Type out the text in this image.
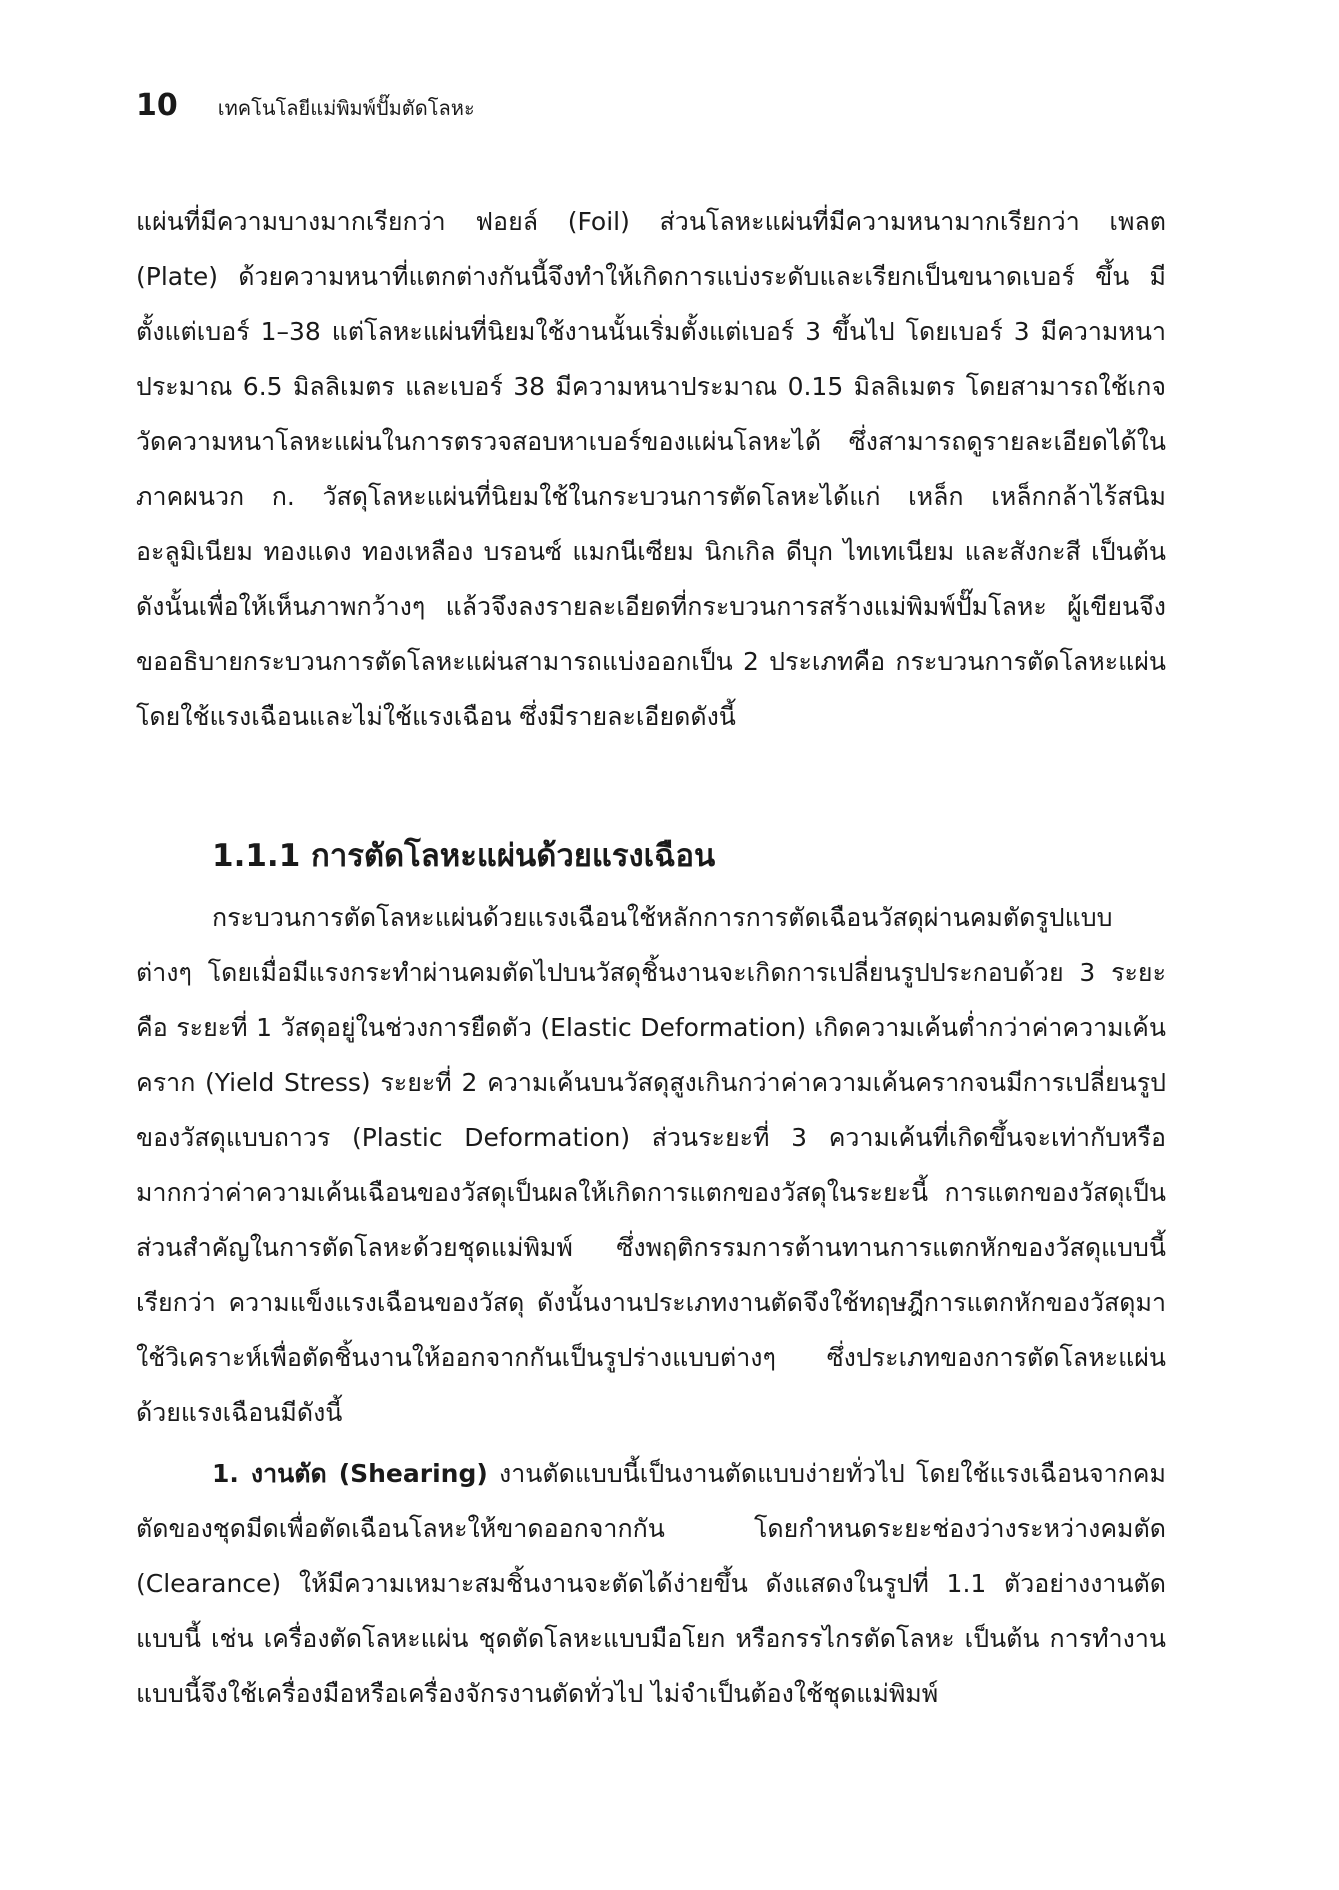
10 เทคโนโลยีแม่พิมพ์ปั๊มตัดโลหะ

แผ่นที่มีความบางมากเรียกว่า ฟอยล์ (Foil) ส่วนโลหะแผ่นที่มีความหนามากเรียกว่า เพลต (Plate) ด้วยความหนาที่แตกต่างกันนี้จึงทำให้เกิดการแบ่งระดับและเรียกเป็นขนาดเบอร์ ขึ้น มีตั้งแต่เบอร์ 1–38 แต่โลหะแผ่นที่นิยมใช้งานนั้นเริ่มตั้งแต่เบอร์ 3 ขึ้นไป โดยเบอร์ 3 มีความหนาประมาณ 6.5 มิลลิเมตร และเบอร์ 38 มีความหนาประมาณ 0.15 มิลลิเมตร โดยสามารถใช้เกจวัดความหนาโลหะแผ่นในการตรวจสอบหาเบอร์ของแผ่นโลหะได้ ซึ่งสามารถดูรายละเอียดได้ในภาคผนวก ก. วัสดุโลหะแผ่นที่นิยมใช้ในกระบวนการตัดโลหะได้แก่ เหล็ก เหล็กกล้าไร้สนิม อะลูมิเนียม ทองแดง ทองเหลือง บรอนซ์ แมกนีเซียม นิกเกิล ดีบุก ไทเทเนียม และสังกะสี เป็นต้น ดังนั้นเพื่อให้เห็นภาพกว้างๆ แล้วจึงลงรายละเอียดที่กระบวนการสร้างแม่พิมพ์ปั๊มโลหะ ผู้เขียนจึงขออธิบายกระบวนการตัดโลหะแผ่นสามารถแบ่งออกเป็น 2 ประเภทคือ กระบวนการตัดโลหะแผ่นโดยใช้แรงเฉือนและไม่ใช้แรงเฉือน ซึ่งมีรายละเอียดดังนี้

1.1.1 การตัดโลหะแผ่นด้วยแรงเฉือน

กระบวนการตัดโลหะแผ่นด้วยแรงเฉือนใช้หลักการการตัดเฉือนวัสดุผ่านคมตัดรูปแบบต่างๆ โดยเมื่อมีแรงกระทำผ่านคมตัดไปบนวัสดุชิ้นงานจะเกิดการเปลี่ยนรูปประกอบด้วย 3 ระยะคือ ระยะที่ 1 วัสดุอยู่ในช่วงการยืดตัว (Elastic Deformation) เกิดความเค้นต่ำกว่าค่าความเค้นคราก (Yield Stress) ระยะที่ 2 ความเค้นบนวัสดุสูงเกินกว่าค่าความเค้นครากจนมีการเปลี่ยนรูปของวัสดุแบบถาวร (Plastic Deformation) ส่วนระยะที่ 3 ความเค้นที่เกิดขึ้นจะเท่ากับหรือมากกว่าค่าความเค้นเฉือนของวัสดุเป็นผลให้เกิดการแตกของวัสดุในระยะนี้ การแตกของวัสดุเป็นส่วนสำคัญในการตัดโลหะด้วยชุดแม่พิมพ์ ซึ่งพฤติกรรมการต้านทานการแตกหักของวัสดุแบบนี้เรียกว่า ความแข็งแรงเฉือนของวัสดุ ดังนั้นงานประเภทงานตัดจึงใช้ทฤษฎีการแตกหักของวัสดุมาใช้วิเคราะห์เพื่อตัดชิ้นงานให้ออกจากกันเป็นรูปร่างแบบต่างๆ ซึ่งประเภทของการตัดโลหะแผ่นด้วยแรงเฉือนมีดังนี้

1. งานตัด (Shearing) งานตัดแบบนี้เป็นงานตัดแบบง่ายทั่วไป โดยใช้แรงเฉือนจากคมตัดของชุดมีดเพื่อตัดเฉือนโลหะให้ขาดออกจากกัน โดยกำหนดระยะช่องว่างระหว่างคมตัด (Clearance) ให้มีความเหมาะสมชิ้นงานจะตัดได้ง่ายขึ้น ดังแสดงในรูปที่ 1.1 ตัวอย่างงานตัดแบบนี้ เช่น เครื่องตัดโลหะแผ่น ชุดตัดโลหะแบบมือโยก หรือกรรไกรตัดโลหะ เป็นต้น การทำงานแบบนี้จึงใช้เครื่องมือหรือเครื่องจักรงานตัดทั่วไป ไม่จำเป็นต้องใช้ชุดแม่พิมพ์
